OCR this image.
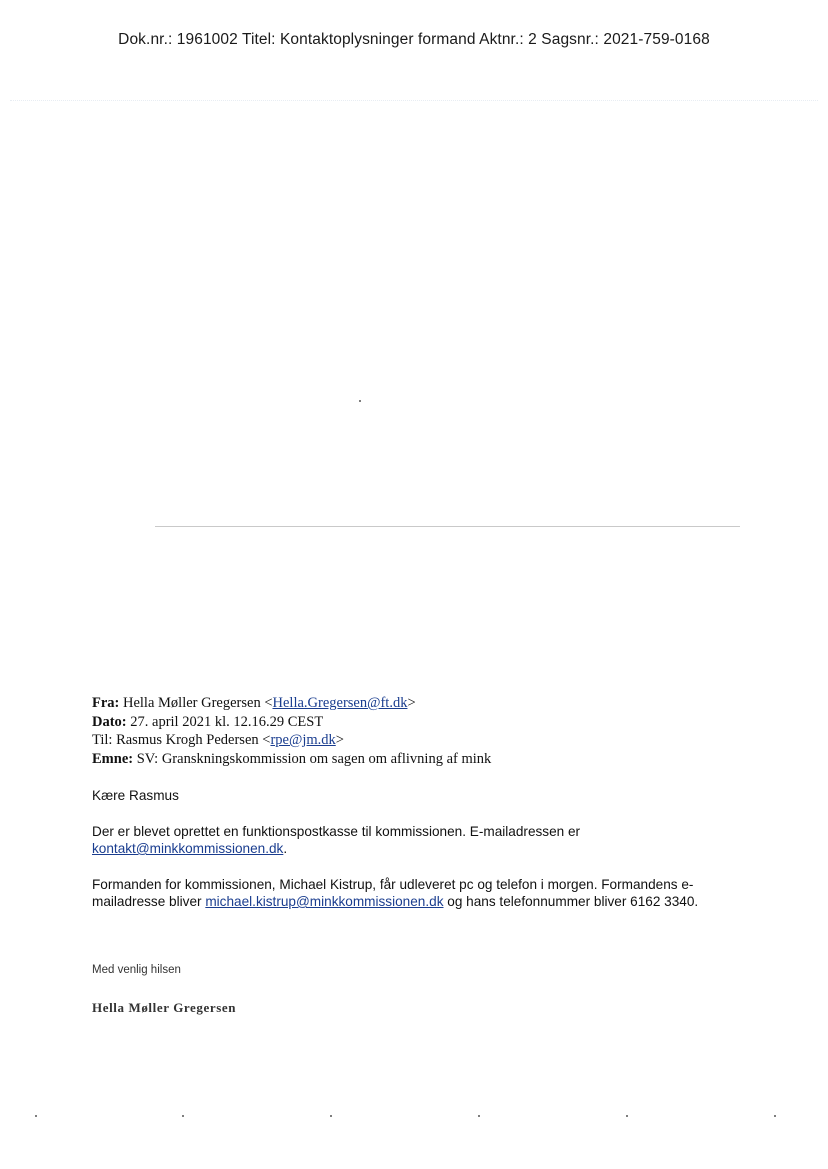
Dok.nr.: 1961002 Titel: Kontaktoplysninger formand Aktnr.: 2 Sagsnr.: 2021-759-0168
Fra: Hella Møller Gregersen <Hella.Gregersen@ft.dk>
Dato: 27. april 2021 kl. 12.16.29 CEST
Til: Rasmus Krogh Pedersen <rpe@jm.dk>
Emne: SV: Granskningskommission om sagen om aflivning af mink
Kære Rasmus
Der er blevet oprettet en funktionspostkasse til kommissionen. E-mailadressen er kontakt@minkkommissionen.dk.
Formanden for kommissionen, Michael Kistrup, får udleveret pc og telefon i morgen. Formandens e-mailadresse bliver michael.kistrup@minkkommissionen.dk og hans telefonnummer bliver 6162 3340.
Med venlig hilsen
Hella Møller Gregersen
